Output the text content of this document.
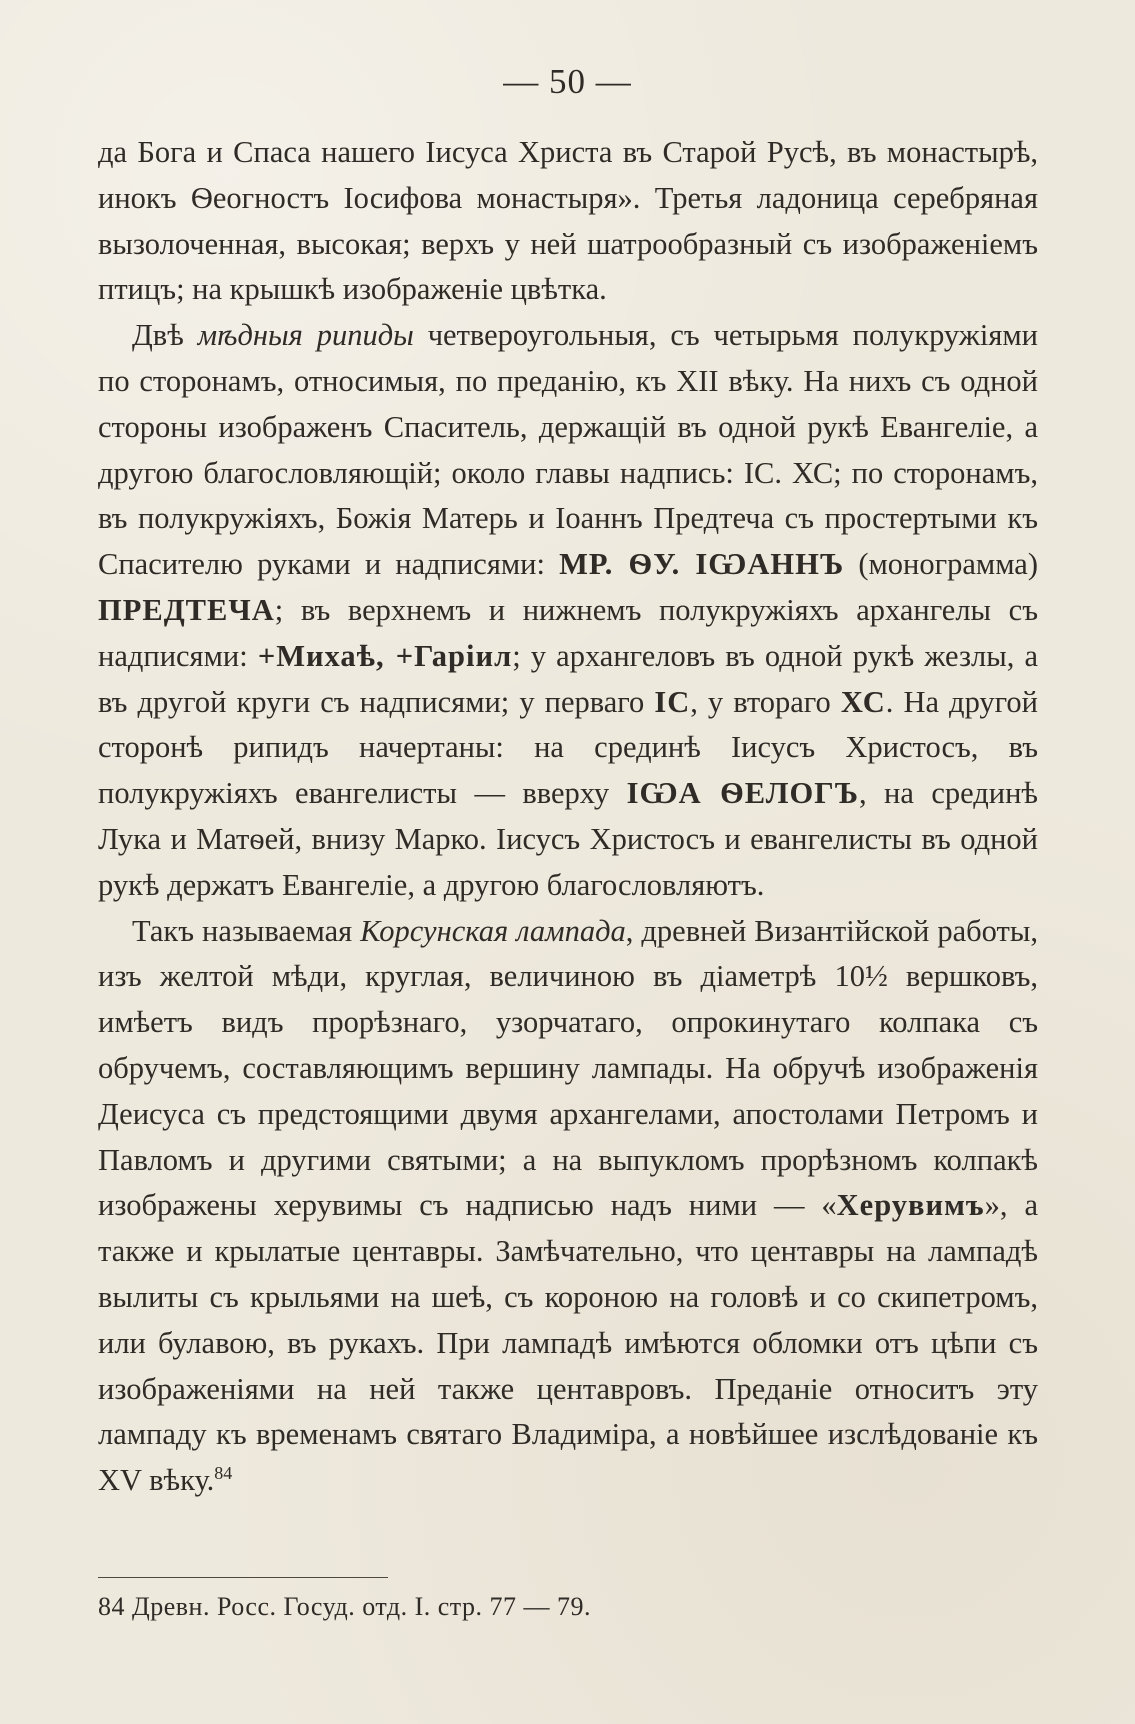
— 50 —

да Бога и Спаса нашего Іисуса Христа въ Старой Русѣ, въ монастырѣ, инокъ Ѳеогностъ Іосифова монастыря». Третья ладоница серебряная вызолоченная, высокая; верхъ у ней шатрообразный съ изображеніемъ птицъ; на крышкѣ изображеніе цвѣтка.

Двѣ мѣдныя рипиды четвероугольныя, съ четырьмя полукружіями по сторонамъ, относимыя, по преданію, къ XII вѣку. На нихъ съ одной стороны изображенъ Спаситель, держащій въ одной рукѣ Евангеліе, а другою благословляющій; около главы надпись: ІС. ХС; по сторонамъ, въ полукружіяхъ, Божія Матерь и Іоаннъ Предтеча съ простертыми къ Спасителю руками и надписями: МР. ѲУ. ІѠАННЪ (монограмма) ПРЕДТЕЧА; въ верхнемъ и нижнемъ полукружіяхъ архангелы съ надписями: +Михаѣ, +Гаріил; у архангеловъ въ одной рукѣ жезлы, а въ другой круги съ надписями; у перваго ІС, у втораго ХС. На другой сторонѣ рипидъ начертаны: на срединѣ Іисусъ Христосъ, въ полукружіяхъ евангелисты — вверху ІѠА ѲЕЛОГЪ, на срединѣ Лука и Матѳей, внизу Марко. Іисусъ Христосъ и евангелисты въ одной рукѣ держатъ Евангеліе, а другою благословляютъ.

Такъ называемая Корсунская лампада, древней Византійской работы, изъ желтой мѣди, круглая, величиною въ діаметрѣ 10½ вершковъ, имѣетъ видъ прорѣзнаго, узорчатаго, опрокинутаго колпака съ обручемъ, составляющимъ вершину лампады. На обручѣ изображенія Деисуса съ предстоящими двумя архангелами, апостолами Петромъ и Павломъ и другими святыми; а на выпукломъ прорѣзномъ колпакѣ изображены херувимы съ надписью надъ ними — «Херувимъ», а также и крылатые центавры. Замѣчательно, что центавры на лампадѣ вылиты съ крыльями на шеѣ, съ короною на головѣ и со скипетромъ, или булавою, въ рукахъ. При лампадѣ имѣются обломки отъ цѣпи съ изображеніями на ней также центавровъ. Преданіе относитъ эту лампаду къ временамъ святаго Владиміра, а новѣйшее изслѣдованіе къ XV вѣку.$^{84}$

84 Древн. Росс. Госуд. отд. I. стр. 77 — 79.
